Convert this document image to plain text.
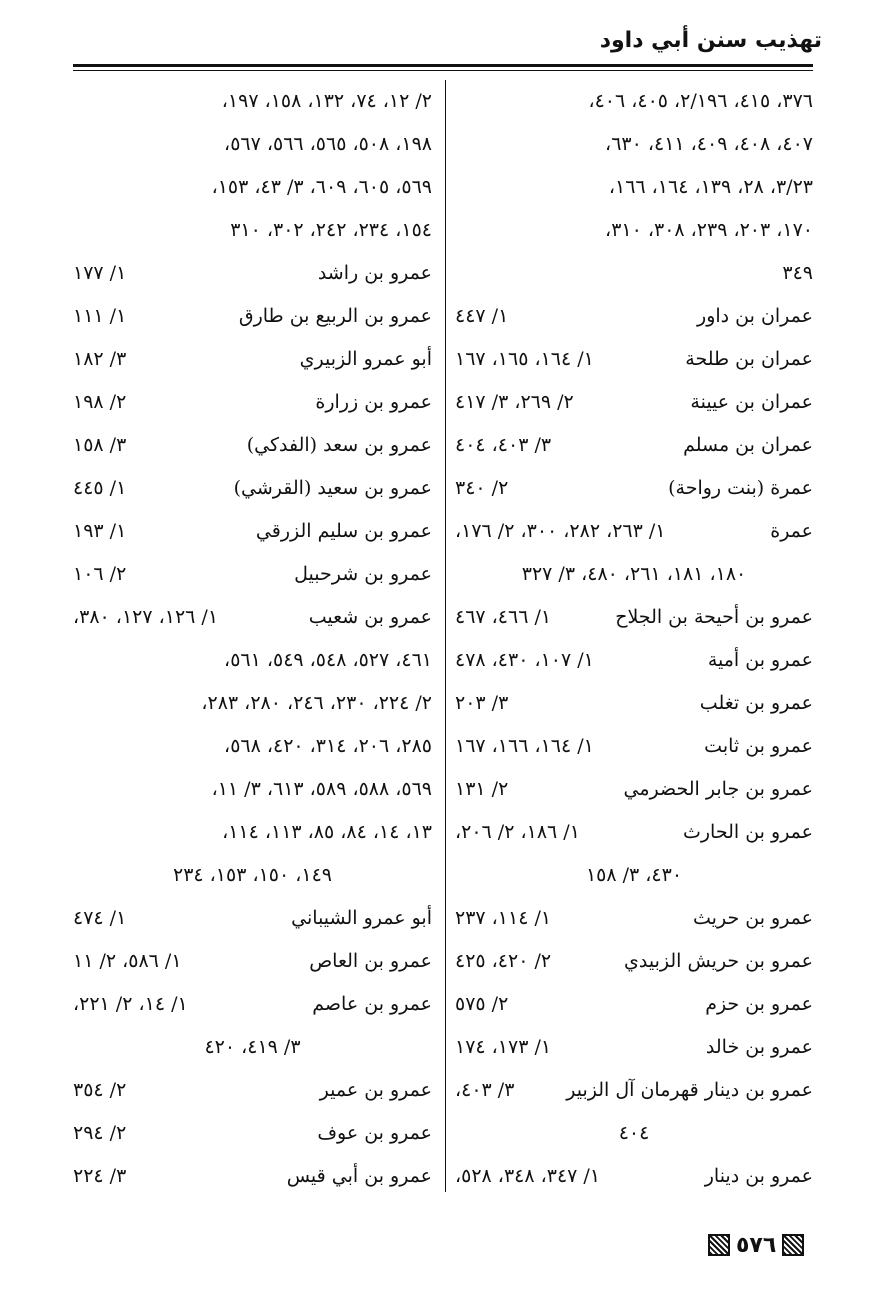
تهذيب سنن أبي داود
٣٧٦، ٤١٥، ٢/١٩٦، ٤٠٥، ٤٠٦،
٤٠٧، ٤٠٨، ٤٠٩، ٤١١، ٦٣٠،
٣/٢٣، ٢٨، ١٣٩، ١٦٤، ١٦٦،
١٧٠، ٢٠٣، ٢٣٩، ٣٠٨، ٣١٠،
٣٤٩
عمران بن داور
١/ ٤٤٧
عمران بن طلحة
١/ ١٦٤، ١٦٥، ١٦٧
عمران بن عيينة
٢/ ٢٦٩، ٣/ ٤١٧
عمران بن مسلم
٣/ ٤٠٣، ٤٠٤
عمرة (بنت رواحة)
٢/ ٣٤٠
عمرة
١/ ٢٦٣، ٢٨٢، ٣٠٠، ٢/ ١٧٦،
١٨٠، ١٨١، ٢٦١، ٤٨٠، ٣/ ٣٢٧
عمرو بن أحيحة بن الجلاح
١/ ٤٦٦، ٤٦٧
عمرو بن أمية
١/ ١٠٧، ٤٣٠، ٤٧٨
عمرو بن تغلب
٣/ ٢٠٣
عمرو بن ثابت
١/ ١٦٤، ١٦٦، ١٦٧
عمرو بن جابر الحضرمي
٢/ ١٣١
عمرو بن الحارث
١/ ١٨٦، ٢/ ٢٠٦،
٤٣٠، ٣/ ١٥٨
عمرو بن حريث
١/ ١١٤، ٢٣٧
عمرو بن حريش الزبيدي
٢/ ٤٢٠، ٤٢٥
عمرو بن حزم
٢/ ٥٧٥
عمرو بن خالد
١/ ١٧٣، ١٧٤
عمرو بن دينار قهرمان آل الزبير
٣/ ٤٠٣،
٤٠٤
عمرو بن دينار
١/ ٣٤٧، ٣٤٨، ٥٢٨،
٢/ ١٢، ٧٤، ١٣٢، ١٥٨، ١٩٧،
١٩٨، ٥٠٨، ٥٦٥، ٥٦٦، ٥٦٧،
٥٦٩، ٦٠٥، ٦٠٩، ٣/ ٤٣، ١٥٣،
١٥٤، ٢٣٤، ٢٤٢، ٣٠٢، ٣١٠
عمرو بن راشد
١/ ١٧٧
عمرو بن الربيع بن طارق
١/ ١١١
أبو عمرو الزبيري
٣/ ١٨٢
عمرو بن زرارة
٢/ ١٩٨
عمرو بن سعد (الفدكي)
٣/ ١٥٨
عمرو بن سعيد (القرشي)
١/ ٤٤٥
عمرو بن سليم الزرقي
١/ ١٩٣
عمرو بن شرحبيل
٢/ ١٠٦
عمرو بن شعيب
١/ ١٢٦، ١٢٧، ٣٨٠،
٤٦١، ٥٢٧، ٥٤٨، ٥٤٩، ٥٦١،
٢/ ٢٢٤، ٢٣٠، ٢٤٦، ٢٨٠، ٢٨٣،
٢٨٥، ٢٠٦، ٣١٤، ٤٢٠، ٥٦٨،
٥٦٩، ٥٨٨، ٥٨٩، ٦١٣، ٣/ ١١،
١٣، ١٤، ٨٤، ٨٥، ١١٣، ١١٤،
١٤٩، ١٥٠، ١٥٣، ٢٣٤
أبو عمرو الشيباني
١/ ٤٧٤
عمرو بن العاص
١/ ٥٨٦، ٢/ ١١
عمرو بن عاصم
١/ ١٤، ٢/ ٢٢١،
٣/ ٤١٩، ٤٢٠
عمرو بن عمير
٢/ ٣٥٤
عمرو بن عوف
٢/ ٢٩٤
عمرو بن أبي قيس
٣/ ٢٢٤
٥٧٦
